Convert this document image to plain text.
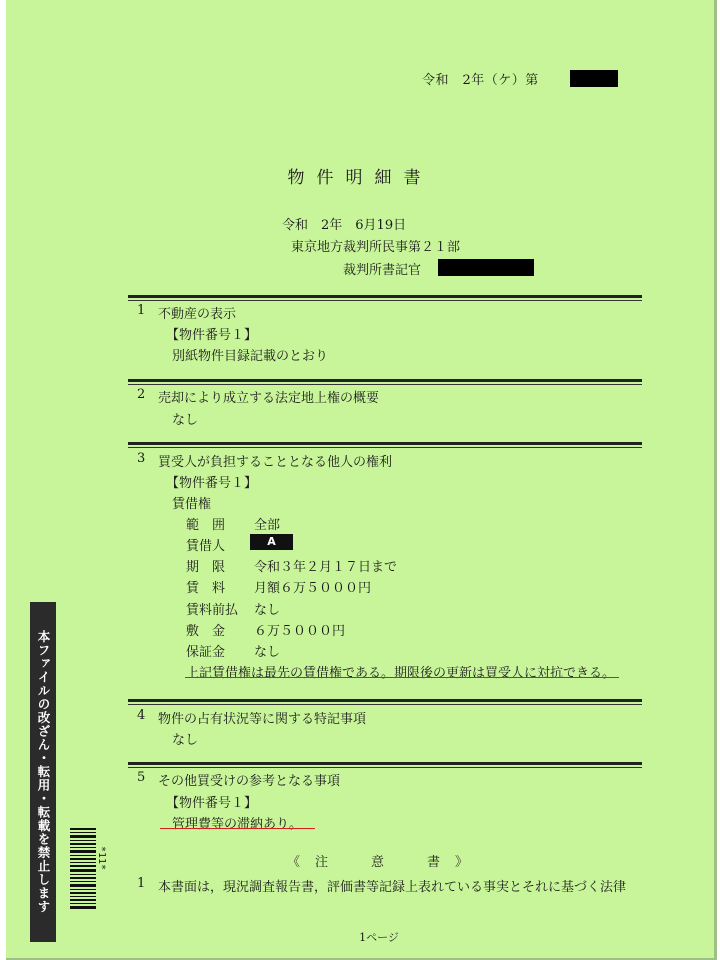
令和　2年（ケ）第
物件明細書
令和　2年　6月19日
東京地方裁判所民事第２１部
裁判所書記官
1 不動産の表示
【物件番号１】
別紙物件目録記載のとおり
2 売却により成立する法定地上権の概要
なし
3 買受人が負担することとなる他人の権利
【物件番号１】
賃借権
範　囲 全部
賃借人	A
期　限 令和３年２月１７日まで
賃　料 月額６万５０００円
賃料前払 なし
敷　金 ６万５０００円
保証金 なし
上記賃借権は最先の賃借権である。期限後の更新は買受人に対抗できる。
4 物件の占有状況等に関する特記事項
なし
5 その他買受けの参考となる事項
【物件番号１】
管理費等の滞納あり。
《注　意　書》
1 本書面は，現況調査報告書，評価書等記録上表れている事実とそれに基づく法律
本ファイルの改ざん・転用・転載を禁止します	*11*
1ページ
